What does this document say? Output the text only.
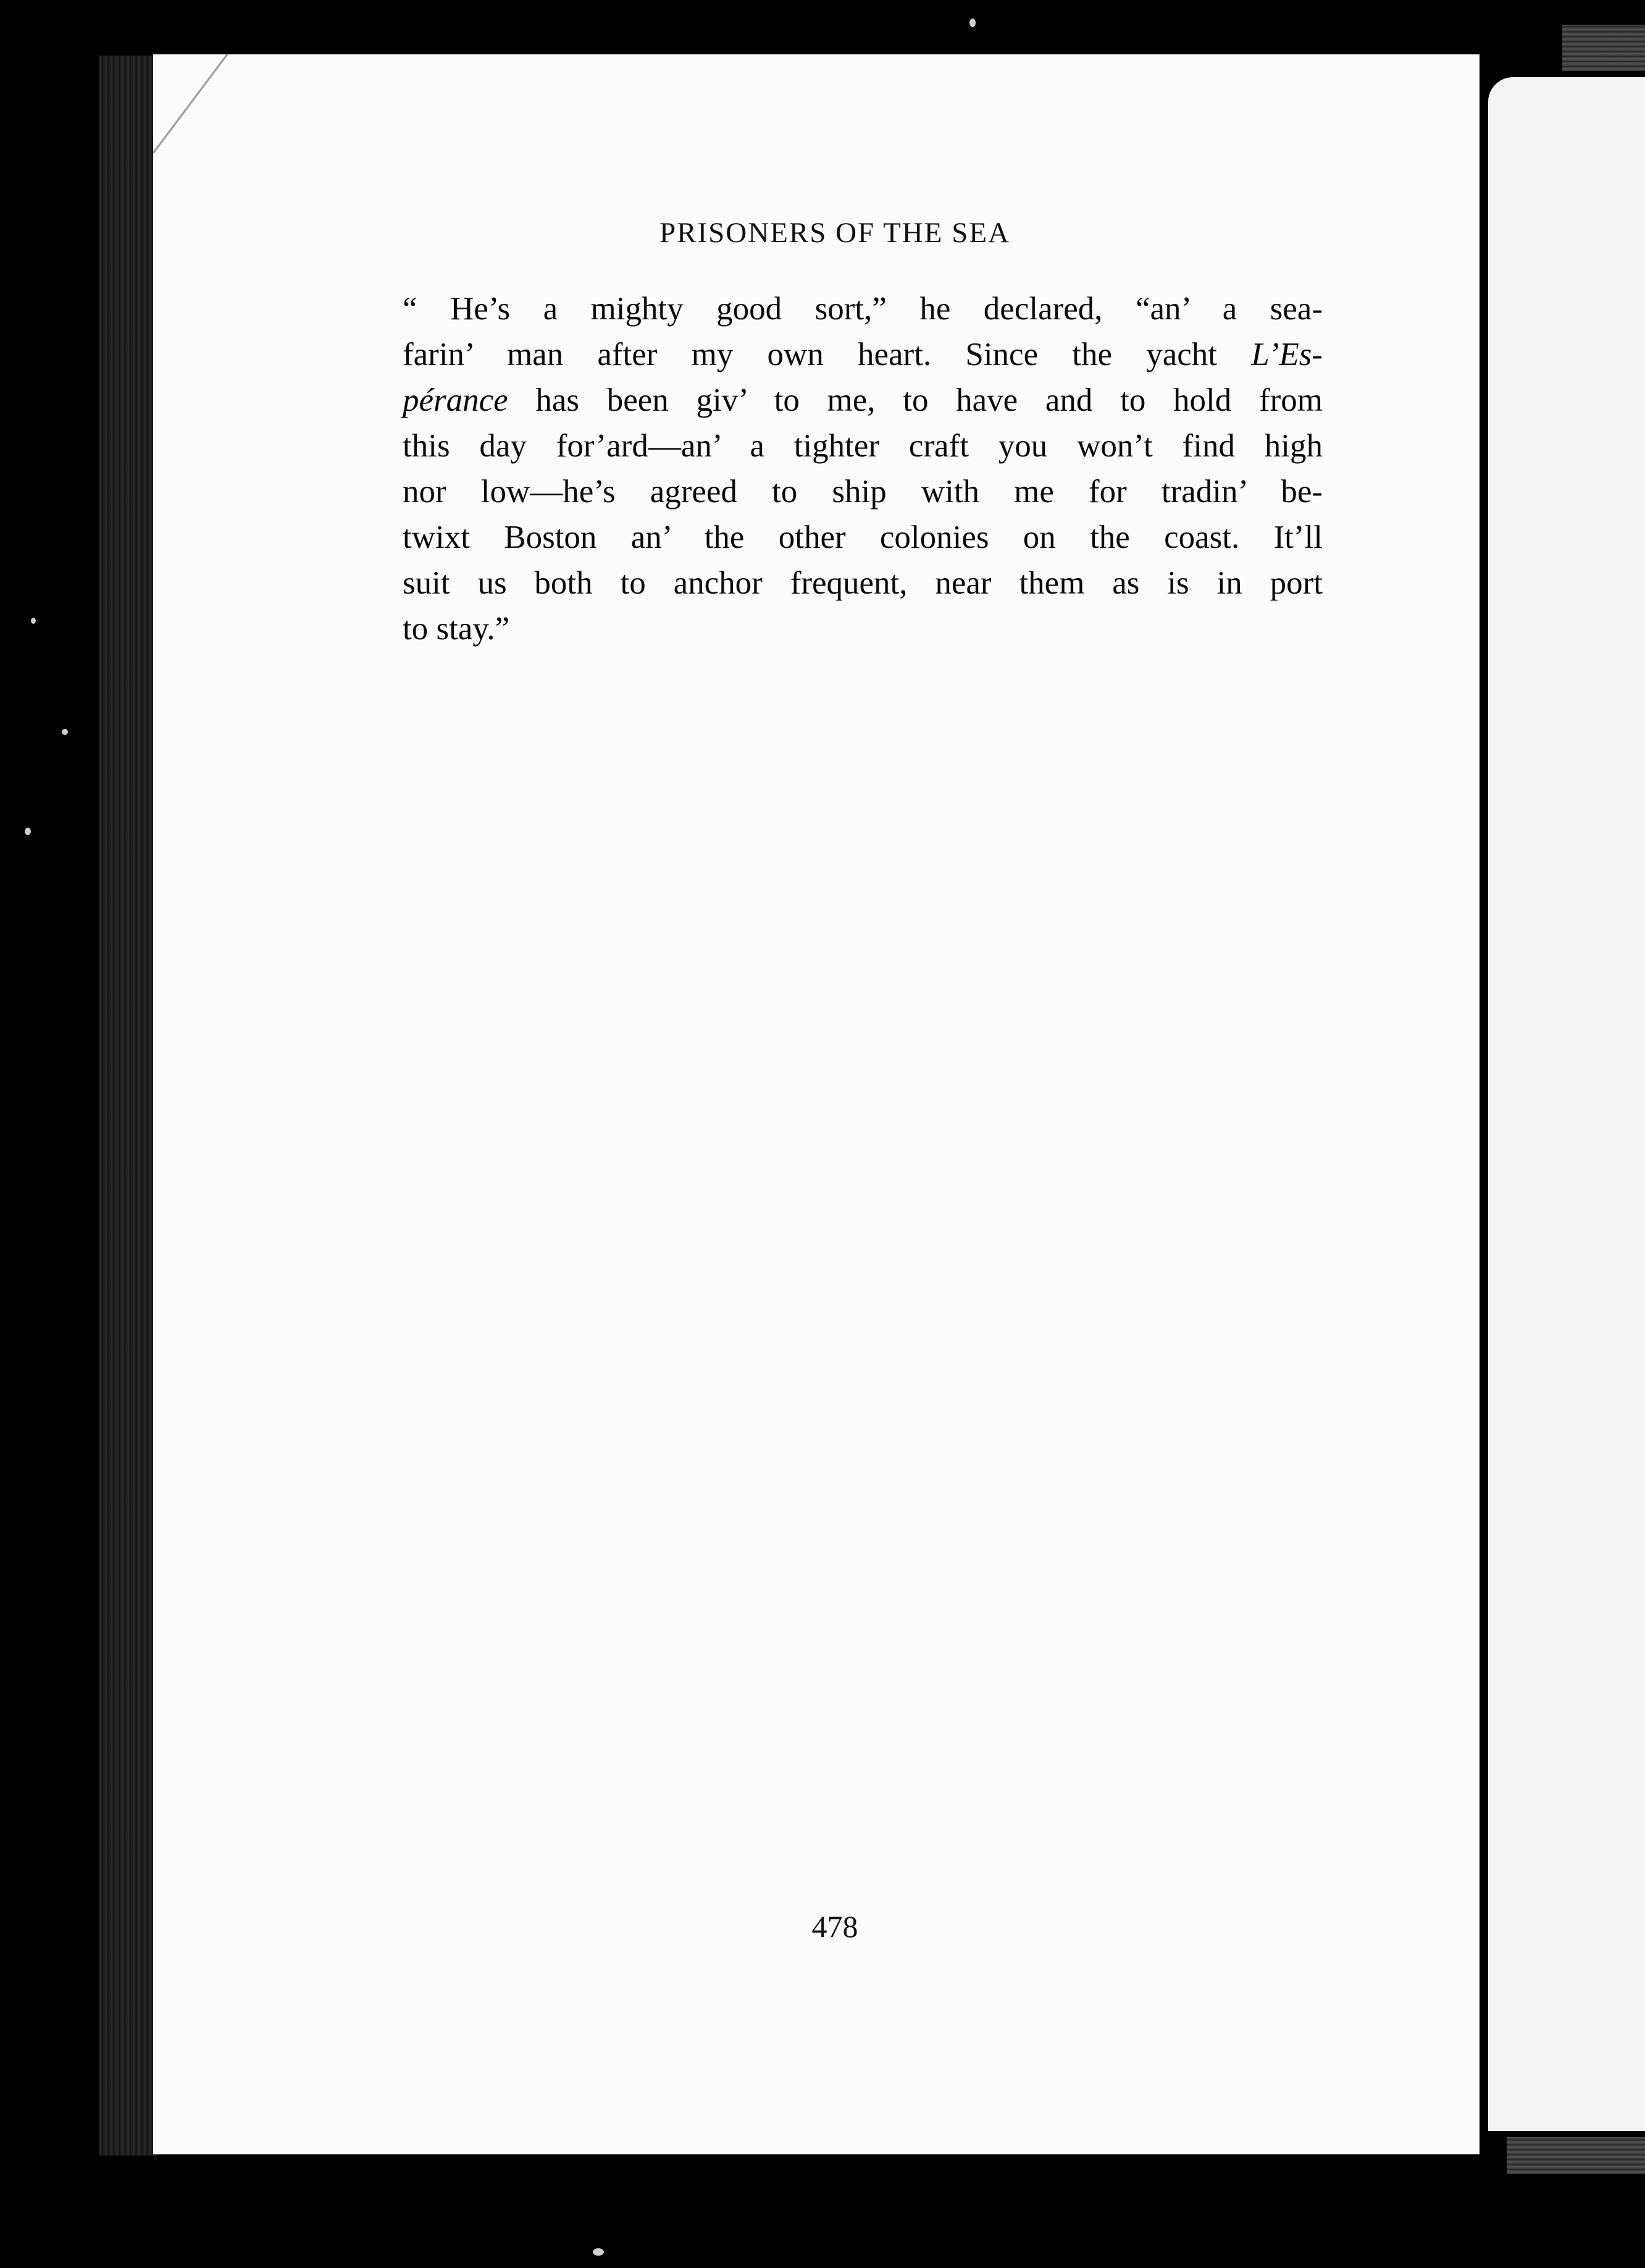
PRISONERS OF THE SEA
“ He’s a mighty good sort,” he declared, “an’ a sea-
farin’ man after my own heart. Since the yacht L’Es-
pérance has been giv’ to me, to have and to hold from
this day for’ard—an’ a tighter craft you won’t find high
nor low—he’s agreed to ship with me for tradin’ be-
twixt Boston an’ the other colonies on the coast. It’ll
suit us both to anchor frequent, near them as is in port
to stay.”
478
